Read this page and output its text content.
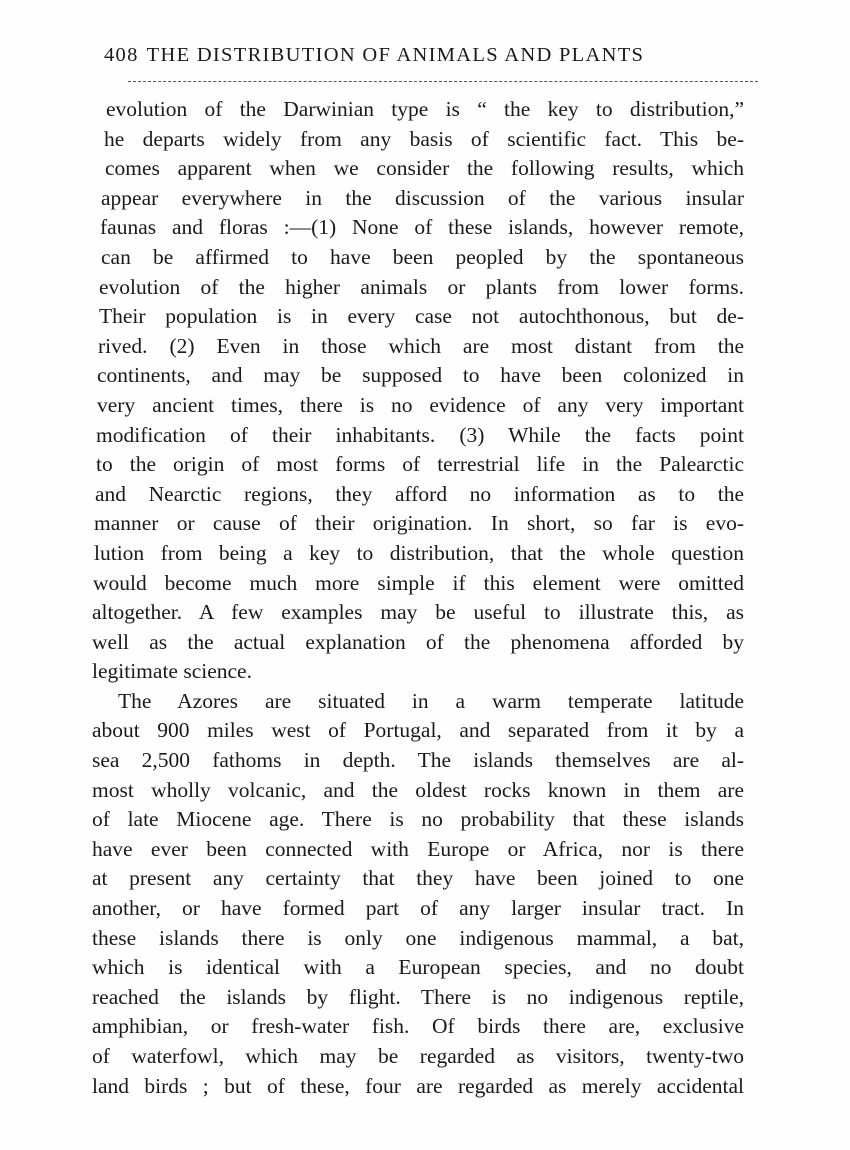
408 THE DISTRIBUTION OF ANIMALS AND PLANTS
evolution of the Darwinian type is “ the key to distribution,”
he departs widely from any basis of scientific fact. This be-
comes apparent when we consider the following results, which
appear everywhere in the discussion of the various insular
faunas and floras :—(1) None of these islands, however remote,
can be affirmed to have been peopled by the spontaneous
evolution of the higher animals or plants from lower forms.
Their population is in every case not autochthonous, but de-
rived. (2) Even in those which are most distant from the
continents, and may be supposed to have been colonized in
very ancient times, there is no evidence of any very important
modification of their inhabitants. (3) While the facts point
to the origin of most forms of terrestrial life in the Palearctic
and Nearctic regions, they afford no information as to the
manner or cause of their origination. In short, so far is evo-
lution from being a key to distribution, that the whole question
would become much more simple if this element were omitted
altogether. A few examples may be useful to illustrate this, as
well as the actual explanation of the phenomena afforded by
legitimate science.
The Azores are situated in a warm temperate latitude
about 900 miles west of Portugal, and separated from it by a
sea 2,500 fathoms in depth. The islands themselves are al-
most wholly volcanic, and the oldest rocks known in them are
of late Miocene age. There is no probability that these islands
have ever been connected with Europe or Africa, nor is there
at present any certainty that they have been joined to one
another, or have formed part of any larger insular tract. In
these islands there is only one indigenous mammal, a bat,
which is identical with a European species, and no doubt
reached the islands by flight. There is no indigenous reptile,
amphibian, or fresh-water fish. Of birds there are, exclusive
of waterfowl, which may be regarded as visitors, twenty-two
land birds ; but of these, four are regarded as merely accidental
